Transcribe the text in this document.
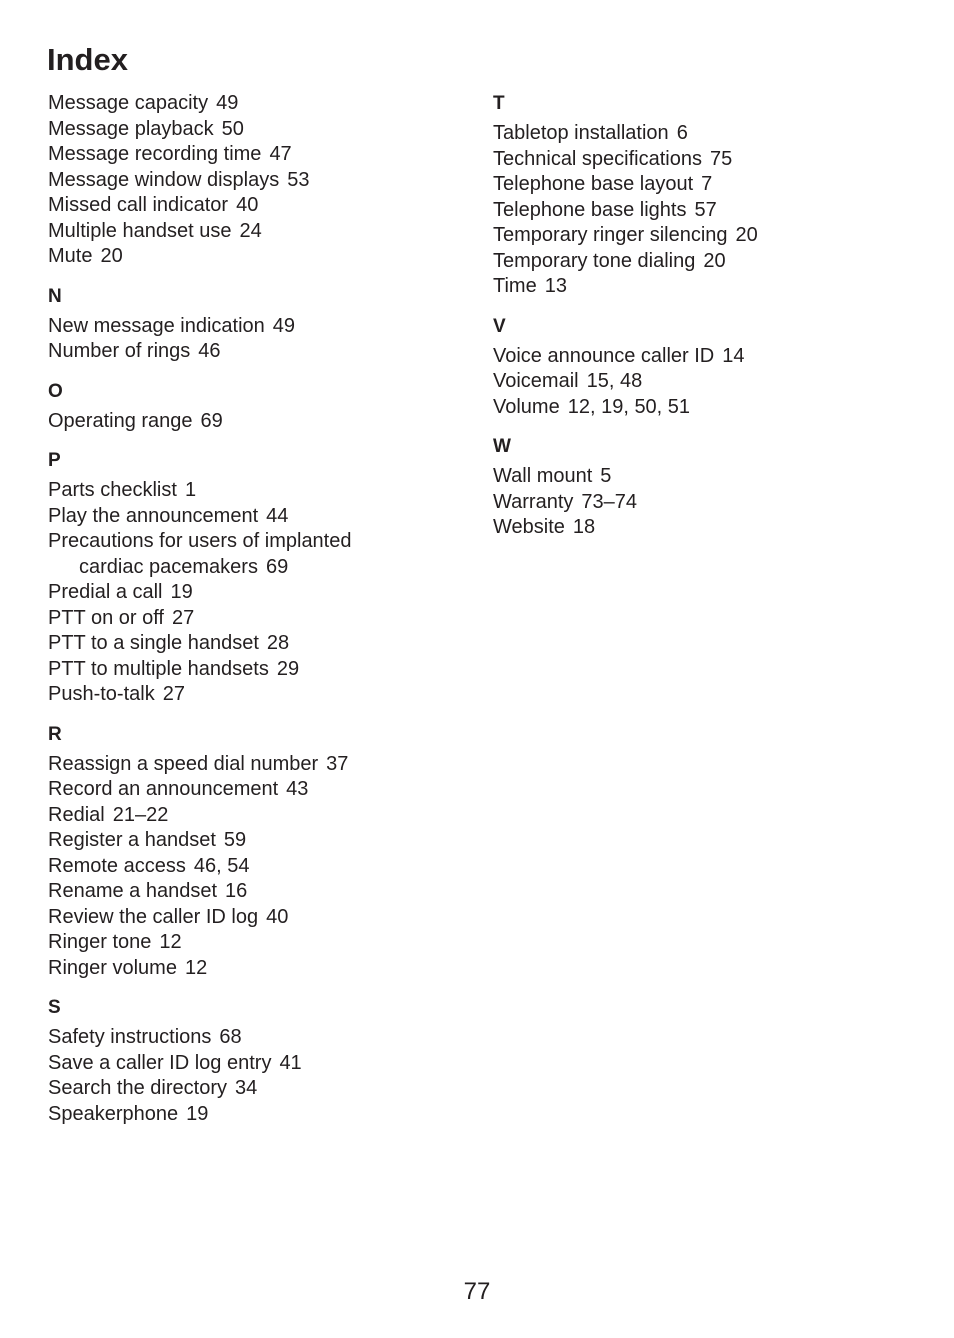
Index
Message capacity 49
Message playback 50
Message recording time 47
Message window displays 53
Missed call indicator 40
Multiple handset use 24
Mute 20
N
New message indication 49
Number of rings 46
O
Operating range 69
P
Parts checklist 1
Play the announcement 44
Precautions for users of implanted
cardiac pacemakers 69
Predial a call 19
PTT on or off 27
PTT to a single handset 28
PTT to multiple handsets 29
Push-to-talk 27
R
Reassign a speed dial number 37
Record an announcement 43
Redial 21–22
Register a handset 59
Remote access 46, 54
Rename a handset 16
Review the caller ID log 40
Ringer tone 12
Ringer volume 12
S
Safety instructions 68
Save a caller ID log entry 41
Search the directory 34
Speakerphone 19
T
Tabletop installation 6
Technical specifications 75
Telephone base layout 7
Telephone base lights 57
Temporary ringer silencing 20
Temporary tone dialing 20
Time 13
V
Voice announce caller ID 14
Voicemail 15, 48
Volume 12, 19, 50, 51
W
Wall mount 5
Warranty 73–74
Website 18
77
